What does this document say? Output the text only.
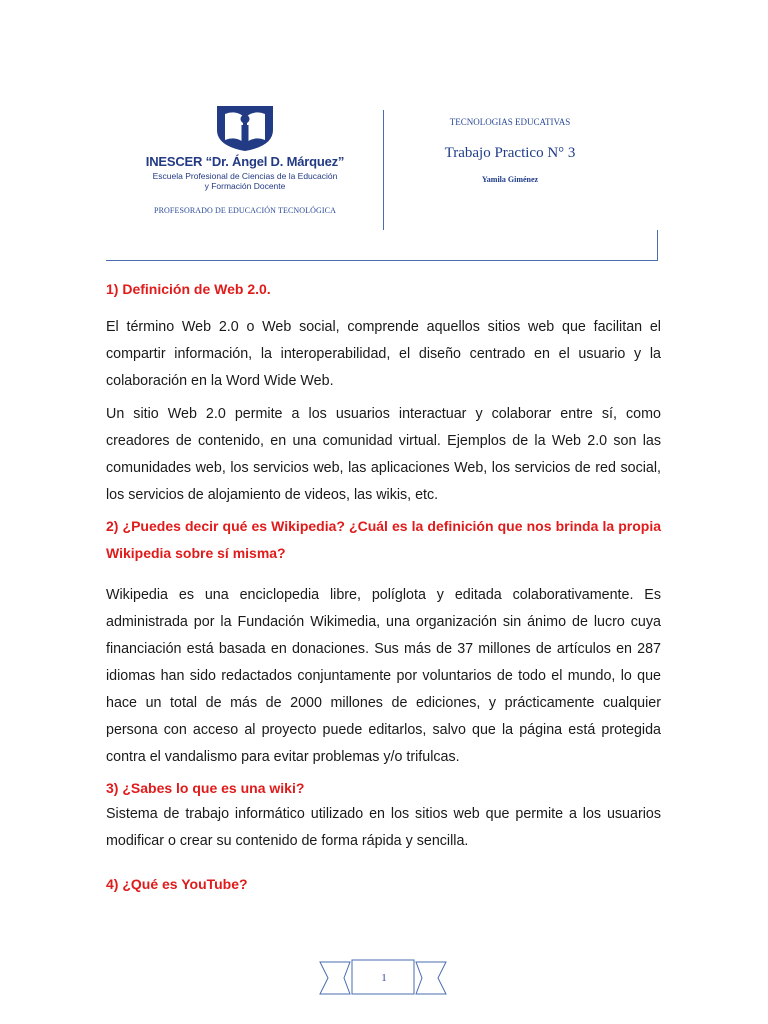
INESCER “Dr. Ángel D. Márquez”
Escuela Profesional de Ciencias de la Educación
y Formación Docente
PROFESORADO DE EDUCACIÓN TECNOLÓGICA
TECNOLOGIAS EDUCATIVAS
Trabajo Practico N° 3
Yamila Giménez

1) Definición de Web 2.0.

El término Web 2.0 o Web social, comprende aquellos sitios web que facilitan el compartir información, la interoperabilidad, el diseño centrado en el usuario y la colaboración en la Word Wide Web.

Un sitio Web 2.0 permite a los usuarios interactuar y colaborar entre sí, como creadores de contenido, en una comunidad virtual. Ejemplos de la Web 2.0 son las comunidades web, los servicios web, las aplicaciones Web, los servicios de red social, los servicios de alojamiento de videos, las wikis, etc.

2) ¿Puedes decir qué es Wikipedia? ¿Cuál es la definición que nos brinda la propia Wikipedia sobre sí misma?

Wikipedia es una enciclopedia libre, políglota y editada colaborativamente. Es administrada por la Fundación Wikimedia, una organización sin ánimo de lucro cuya financiación está basada en donaciones. Sus más de 37 millones de artículos en 287 idiomas han sido redactados conjuntamente por voluntarios de todo el mundo, lo que hace un total de más de 2000 millones de ediciones, y prácticamente cualquier persona con acceso al proyecto puede editarlos, salvo que la página está protegida contra el vandalismo para evitar problemas y/o trifulcas.

3) ¿Sabes lo que es una wiki?

Sistema de trabajo informático utilizado en los sitios web que permite a los usuarios modificar o crear su contenido de forma rápida y sencilla.

4) ¿Qué es YouTube?

1
